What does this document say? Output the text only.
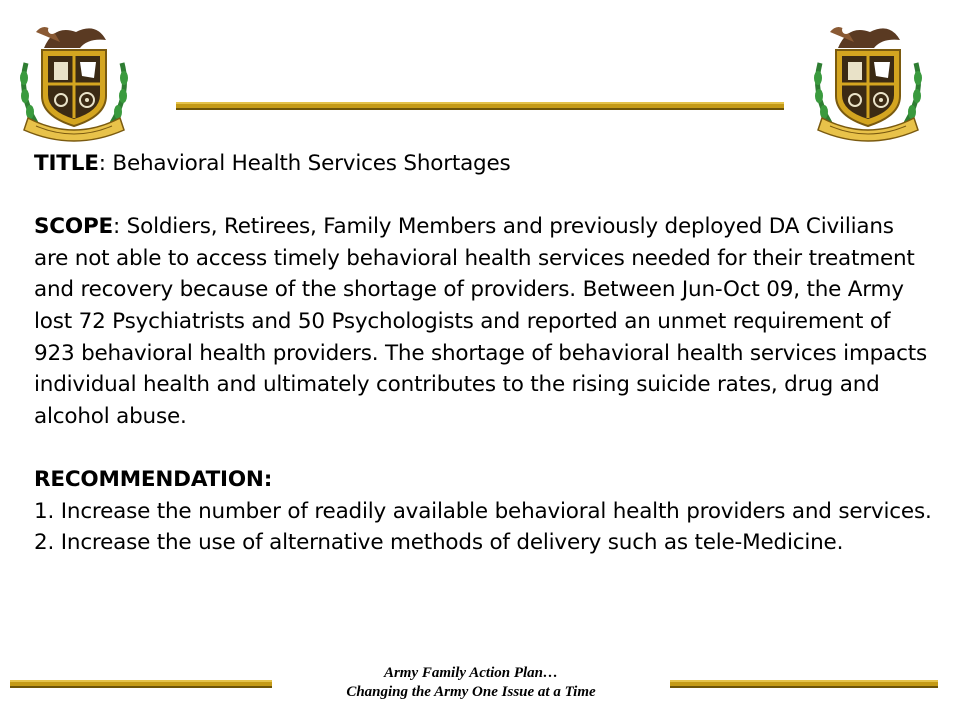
TITLE: Behavioral Health Services Shortages

SCOPE: Soldiers, Retirees, Family Members and previously deployed DA Civilians are not able to access timely behavioral health services needed for their treatment and recovery because of the shortage of providers. Between Jun-Oct 09, the Army lost 72 Psychiatrists and 50 Psychologists and reported an unmet requirement of 923 behavioral health providers. The shortage of behavioral health services impacts individual health and ultimately contributes to the rising suicide rates, drug and alcohol abuse.

RECOMMENDATION:

1. Increase the number of readily available behavioral health providers and services.

2. Increase the use of alternative methods of delivery such as tele-Medicine.

Army Family Action Plan…
Changing the Army One Issue at a Time
